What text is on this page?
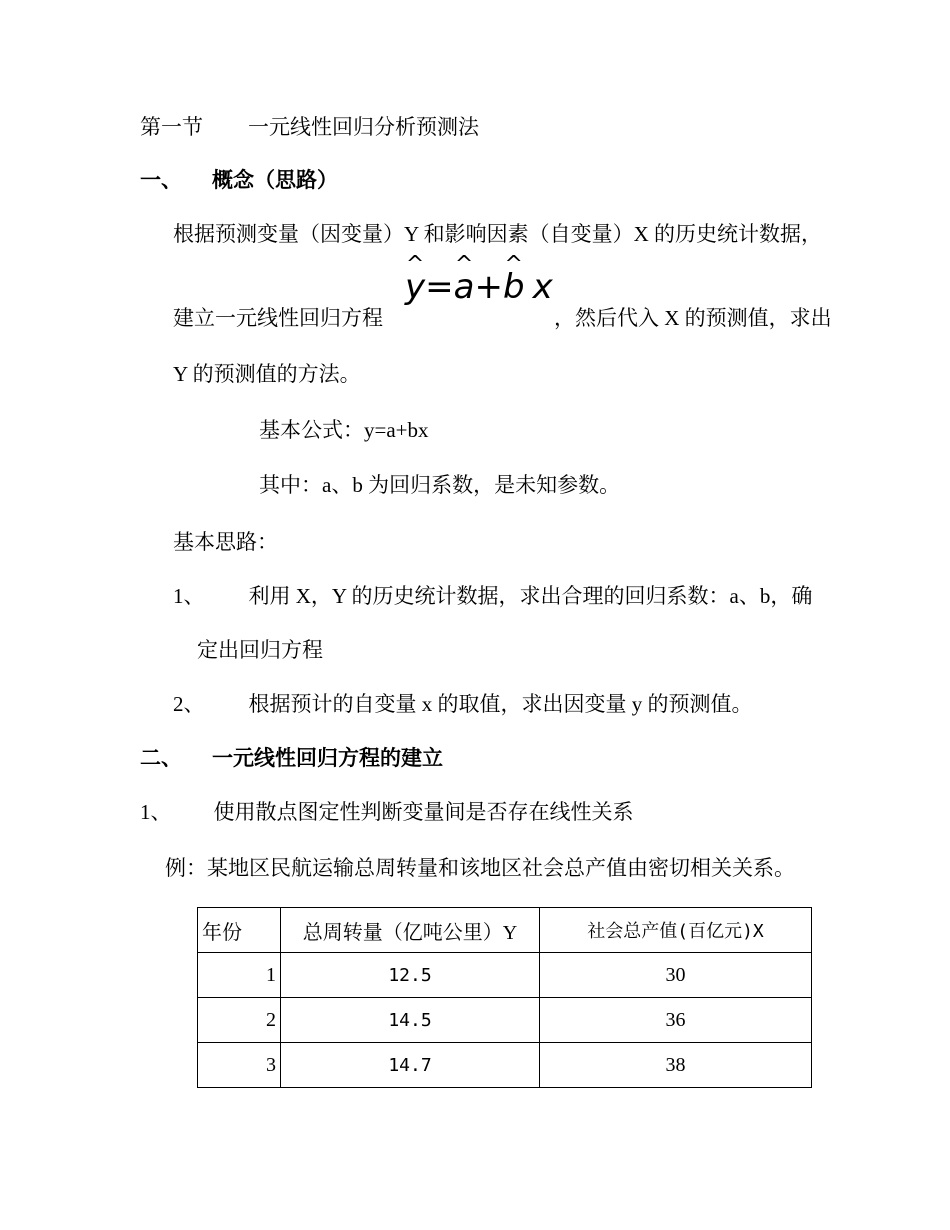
第一节 一元线性回归分析预测法
一、 概念（思路）
根据预测变量（因变量）Y 和影响因素（自变量）X 的历史统计数据，
建立一元线性回归方程
^ y=^ a+^ b x
，然后代入 X 的预测值，求出
Y 的预测值的方法。
基本公式：y=a+bx
其中：a、b 为回归系数，是未知参数。
基本思路：
1、 利用 X，Y 的历史统计数据，求出合理的回归系数：a、b，确
定出回归方程
2、 根据预计的自变量 x 的取值，求出因变量 y 的预测值。
二、 一元线性回归方程的建立
1、 使用散点图定性判断变量间是否存在线性关系
例：某地区民航运输总周转量和该地区社会总产值由密切相关关系。
年份	总周转量（亿吨公里）Y	社会总产值(百亿元)X
1	12.5	30
2	14.5	36
3	14.7	38
